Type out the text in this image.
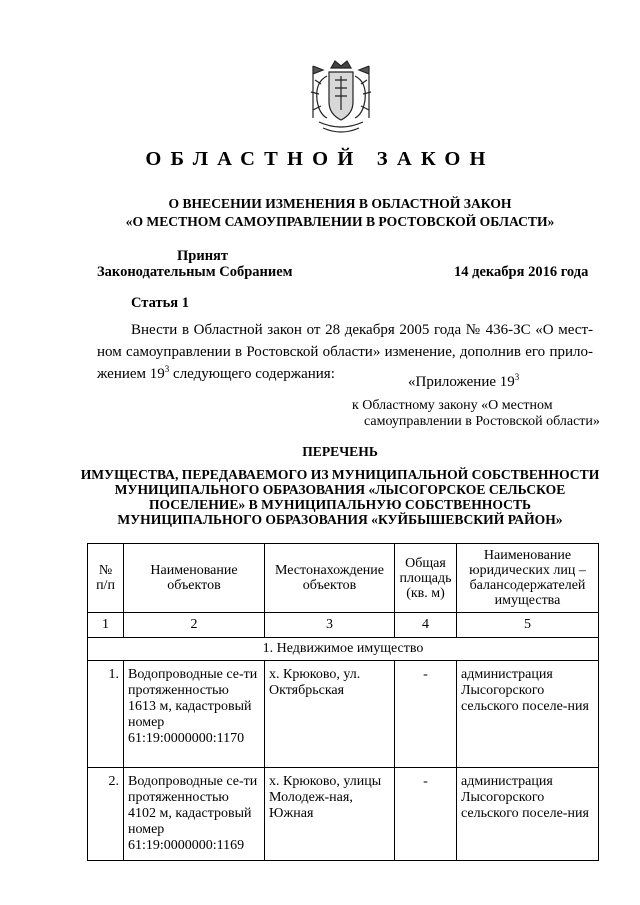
ОБЛАСТНОЙ ЗАКОН
О ВНЕСЕНИИ ИЗМЕНЕНИЯ В ОБЛАСТНОЙ ЗАКОН
«О МЕСТНОМ САМОУПРАВЛЕНИИ В РОСТОВСКОЙ ОБЛАСТИ»
Принят
Законодательным Собранием	14 декабря 2016 года
Статья 1
Внести в Областной закон от 28 декабря 2005 года № 436-ЗС «О мест-
ном самоуправлении в Ростовской области» изменение, дополнив его прило-
жением $19^3$ следующего содержания:	«Приложение $19^3$
к Областному закону «О местном
самоуправлении в Ростовской области»
ПЕРЕЧЕНЬ
ИМУЩЕСТВА, ПЕРЕДАВАЕМОГО ИЗ МУНИЦИПАЛЬНОЙ СОБСТВЕННОСТИ
МУНИЦИПАЛЬНОГО ОБРАЗОВАНИЯ «ЛЫСОГОРСКОЕ СЕЛЬСКОЕ
ПОСЕЛЕНИЕ» В МУНИЦИПАЛЬНУЮ СОБСТВЕННОСТЬ
МУНИЦИПАЛЬНОГО ОБРАЗОВАНИЯ «КУЙБЫШЕВСКИЙ РАЙОН»
№ п/п	Наименование объектов	Местонахождение объектов	Общая площадь (кв. м)	Наименование юридических лиц – балансодержателей имущества
1	2	3	4	5
1. Недвижимое имущество				
1.	Водопроводные се-ти протяженностью 1613 м, кадастровый номер 61:19:0000000:1170	х. Крюково, ул. Октябрьская	-	администрация Лысогорского сельского поселе-ния
2.	Водопроводные се-ти протяженностью 4102 м, кадастровый номер 61:19:0000000:1169	х. Крюково, улицы Молодеж-ная, Южная	-	администрация Лысогорского сельского поселе-ния
